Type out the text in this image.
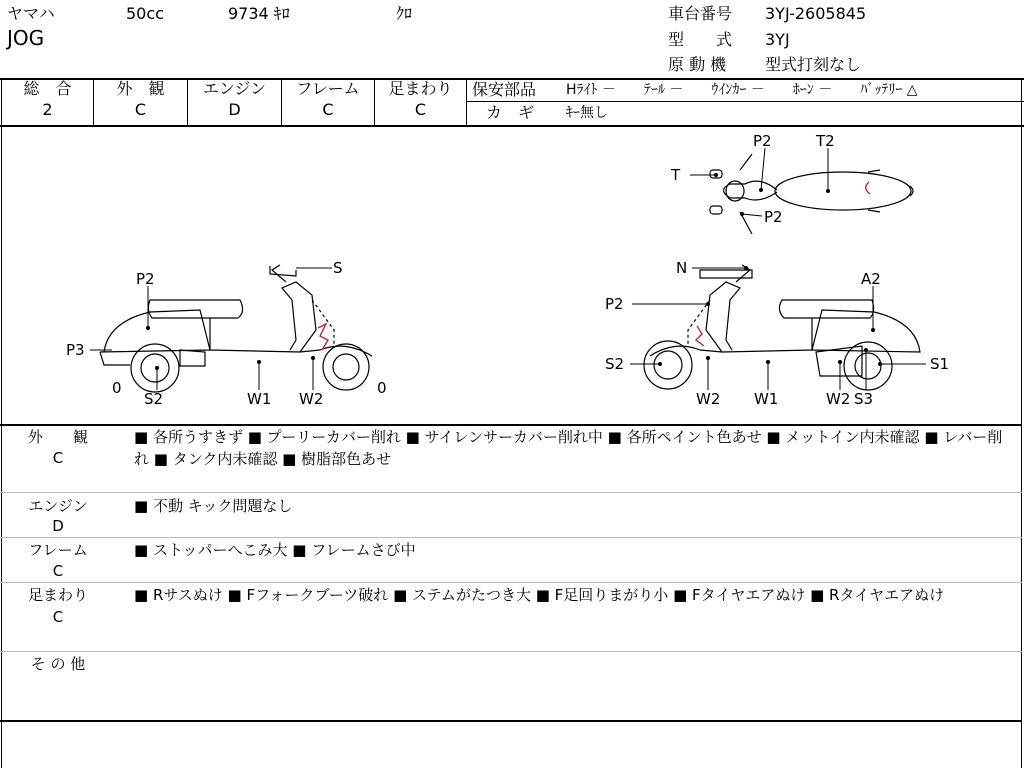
ヤマハ	50cc	9734 ｷﾛ	ｸﾛ
JOG
車台番号 3YJ-2605845
型　　式 3YJ
原 動 機 型式打刻なし
総　合
2
外　観
C
エンジン
D
フレーム
C
足まわり
C
保安部品 Hﾗｲﾄ －　　ﾃｰﾙ －　　ｳｲﾝｶｰ －　　ﾎｰﾝ －　　ﾊﾞｯﾃﾘｰ △
カ　ギ ｷｰ無し
P2	T2
T
P2
S
P2
P3
0
S2	W1 W2
0
N
A2
P2
S2	S1
W2 W1	W2 S3
外　　観
C
■ 各所うすきず ■ プーリーカバー削れ ■ サイレンサーカバー削れ中 ■ 各所ペイント色あせ ■ メットイン内未確認 ■ レバー削れ ■ タンク内未確認 ■ 樹脂部色あせ
エンジン
D
■ 不動 キック問題なし
フレーム
C
■ ストッパーへこみ大 ■ フレームさび中
足まわり
C
■ Rサスぬけ ■ Fフォークブーツ破れ ■ ステムがたつき大 ■ F足回りまがり小 ■ Fタイヤエアぬけ ■ Rタイヤエアぬけ
そ の 他
